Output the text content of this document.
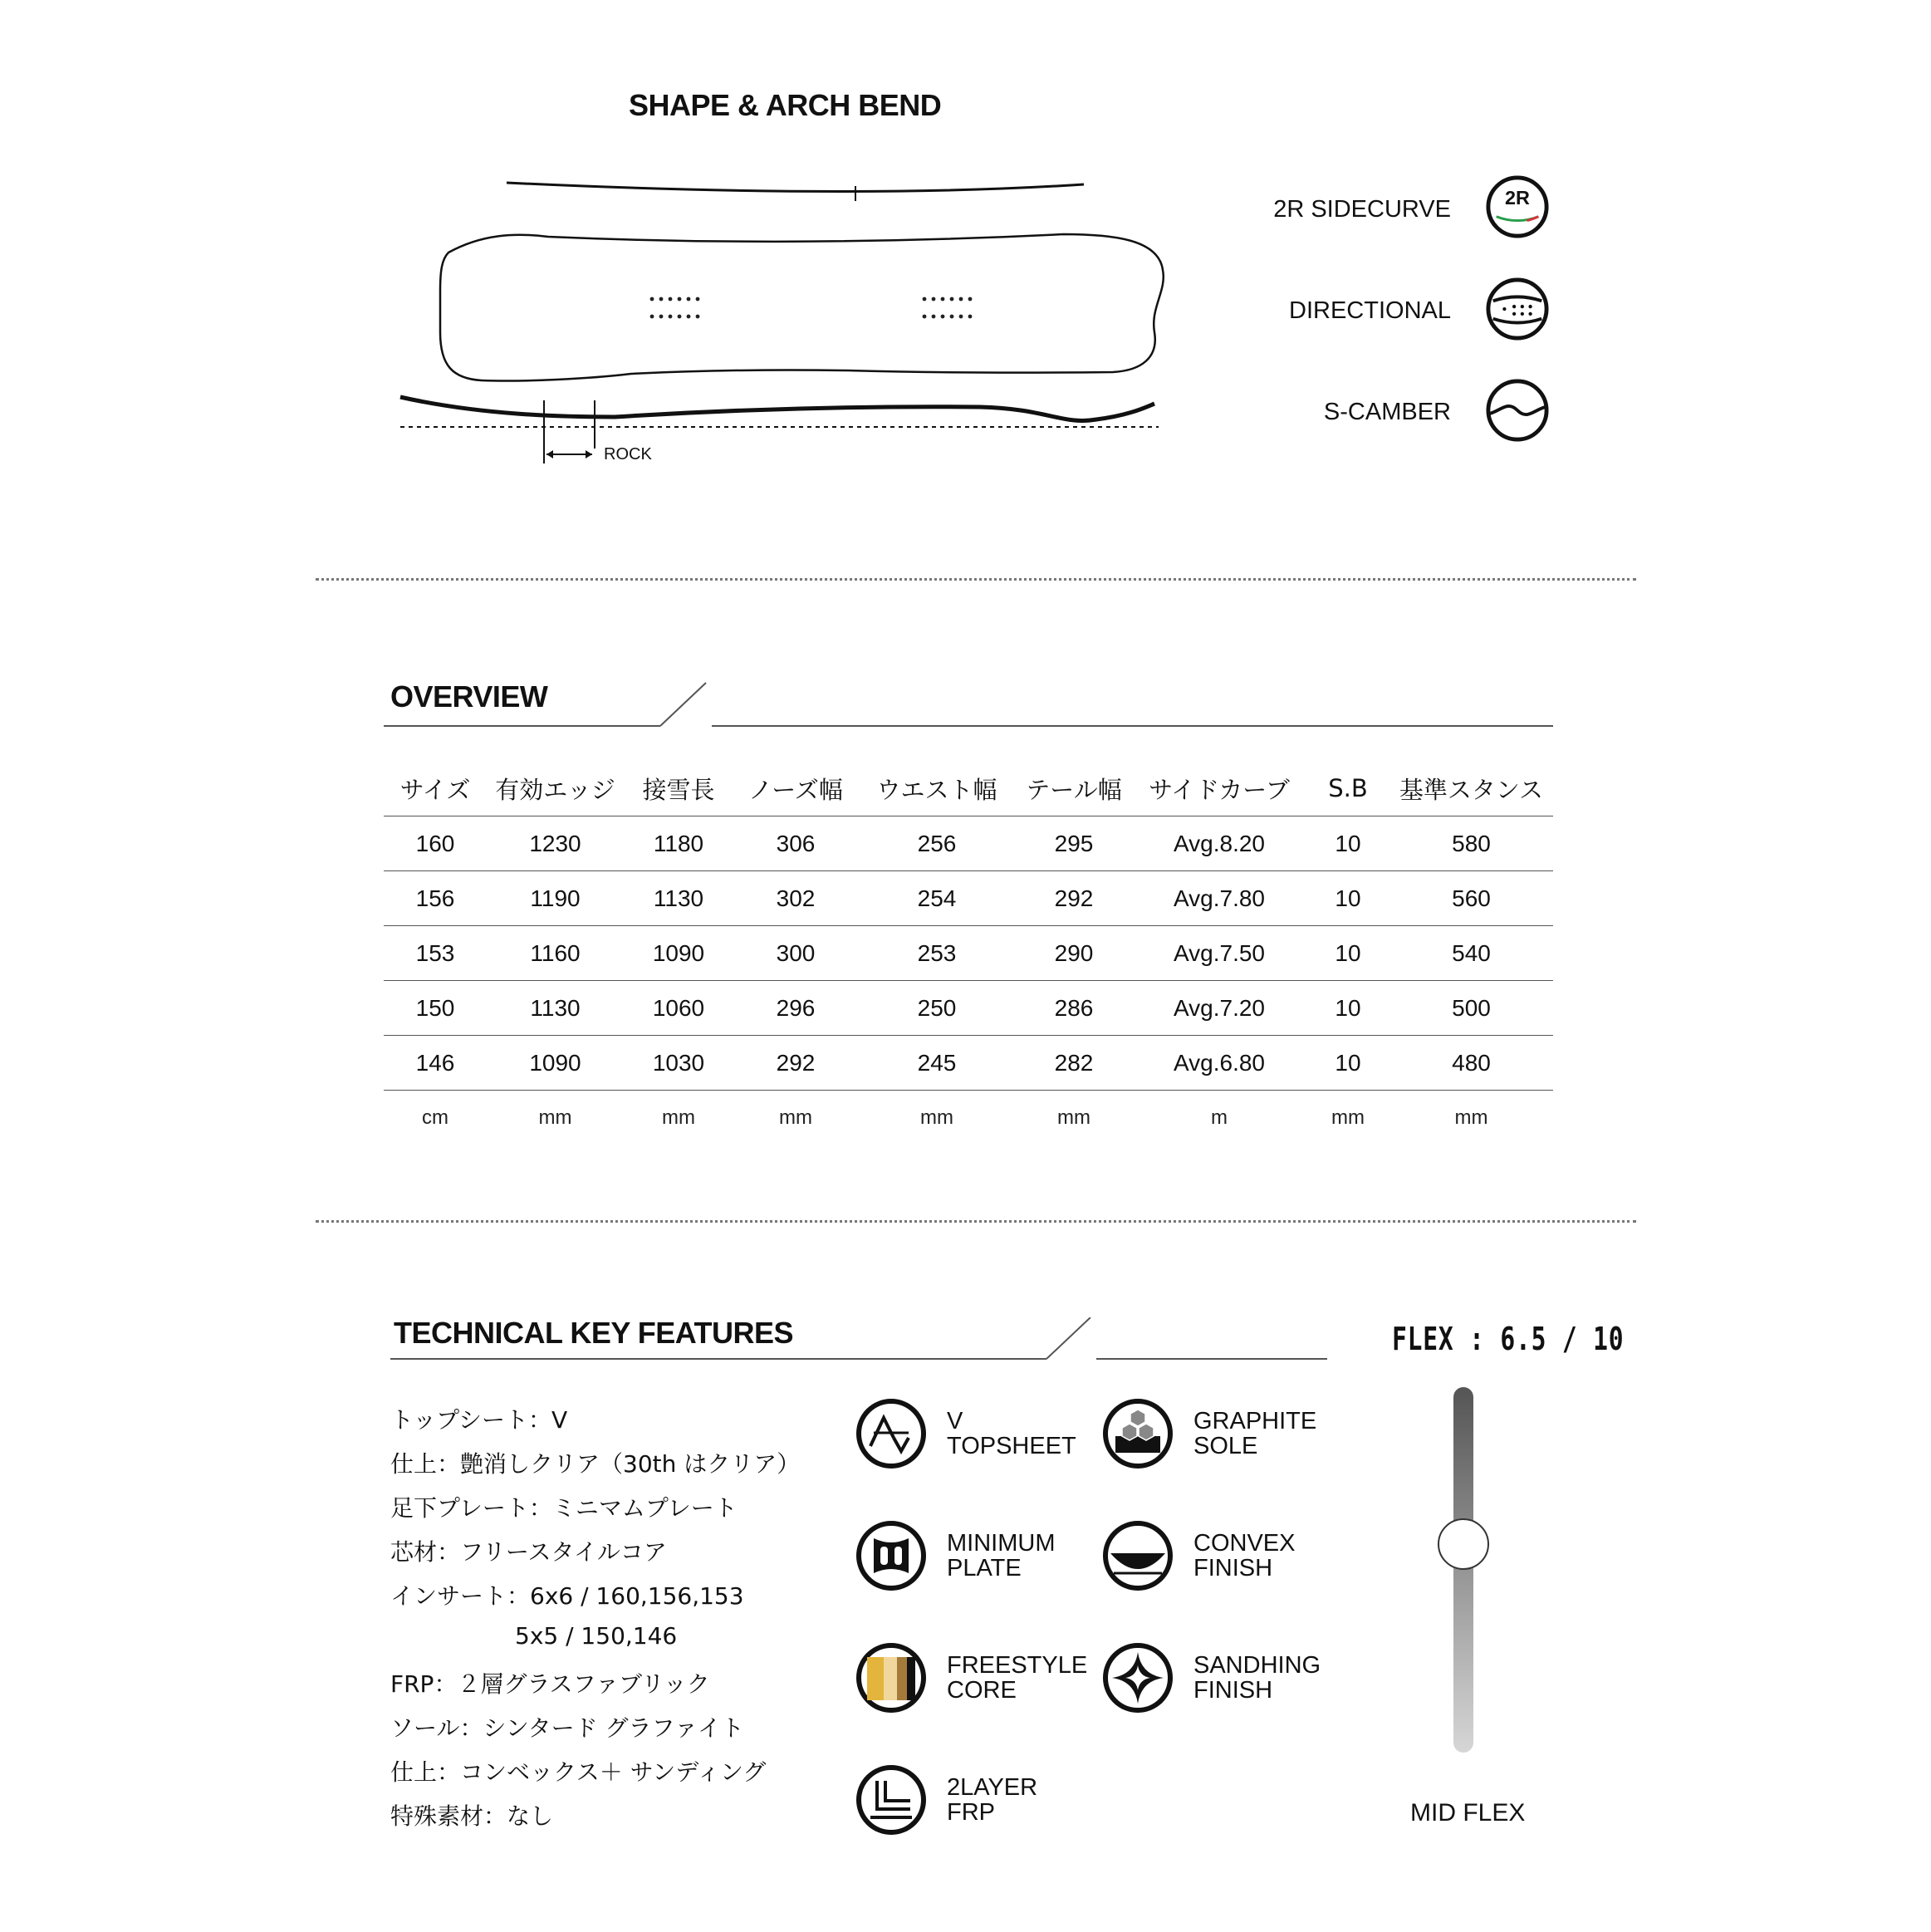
SHAPE & ARCH BEND
ROCK
2R SIDECURVE	2R
DIRECTIONAL
S-CAMBER
OVERVIEW
サイズ	有効エッジ	接雪長	ノーズ幅	ウエスト幅	テール幅	サイドカーブ	S.B	基準スタンス
160	1230	1180	306	256	295	Avg.8.20	10	580
156	1190	1130	302	254	292	Avg.7.80	10	560
153	1160	1090	300	253	290	Avg.7.50	10	540
150	1130	1060	296	250	286	Avg.7.20	10	500
146	1090	1030	292	245	282	Avg.6.80	10	480
cm	mm	mm	mm	mm	mm	m	mm	mm
TECHNICAL KEY FEATURES
トップシート：V
仕上：艶消しクリア（30th はクリア）
足下プレート：ミニマムプレート
芯材：フリースタイルコア
インサート：6x6 / 160,156,153
5x5 / 150,146
FRP：２層グラスファブリック
ソール：シンタード グラファイト
仕上：コンベックス＋ サンディング
特殊素材：なし
V
TOPSHEET
MINIMUM
PLATE
FREESTYLE
CORE
2LAYER
FRP
GRAPHITE
SOLE
CONVEX
FINISH
SANDHING
FINISH
FLEX : 6.5 / 10
MID FLEX
